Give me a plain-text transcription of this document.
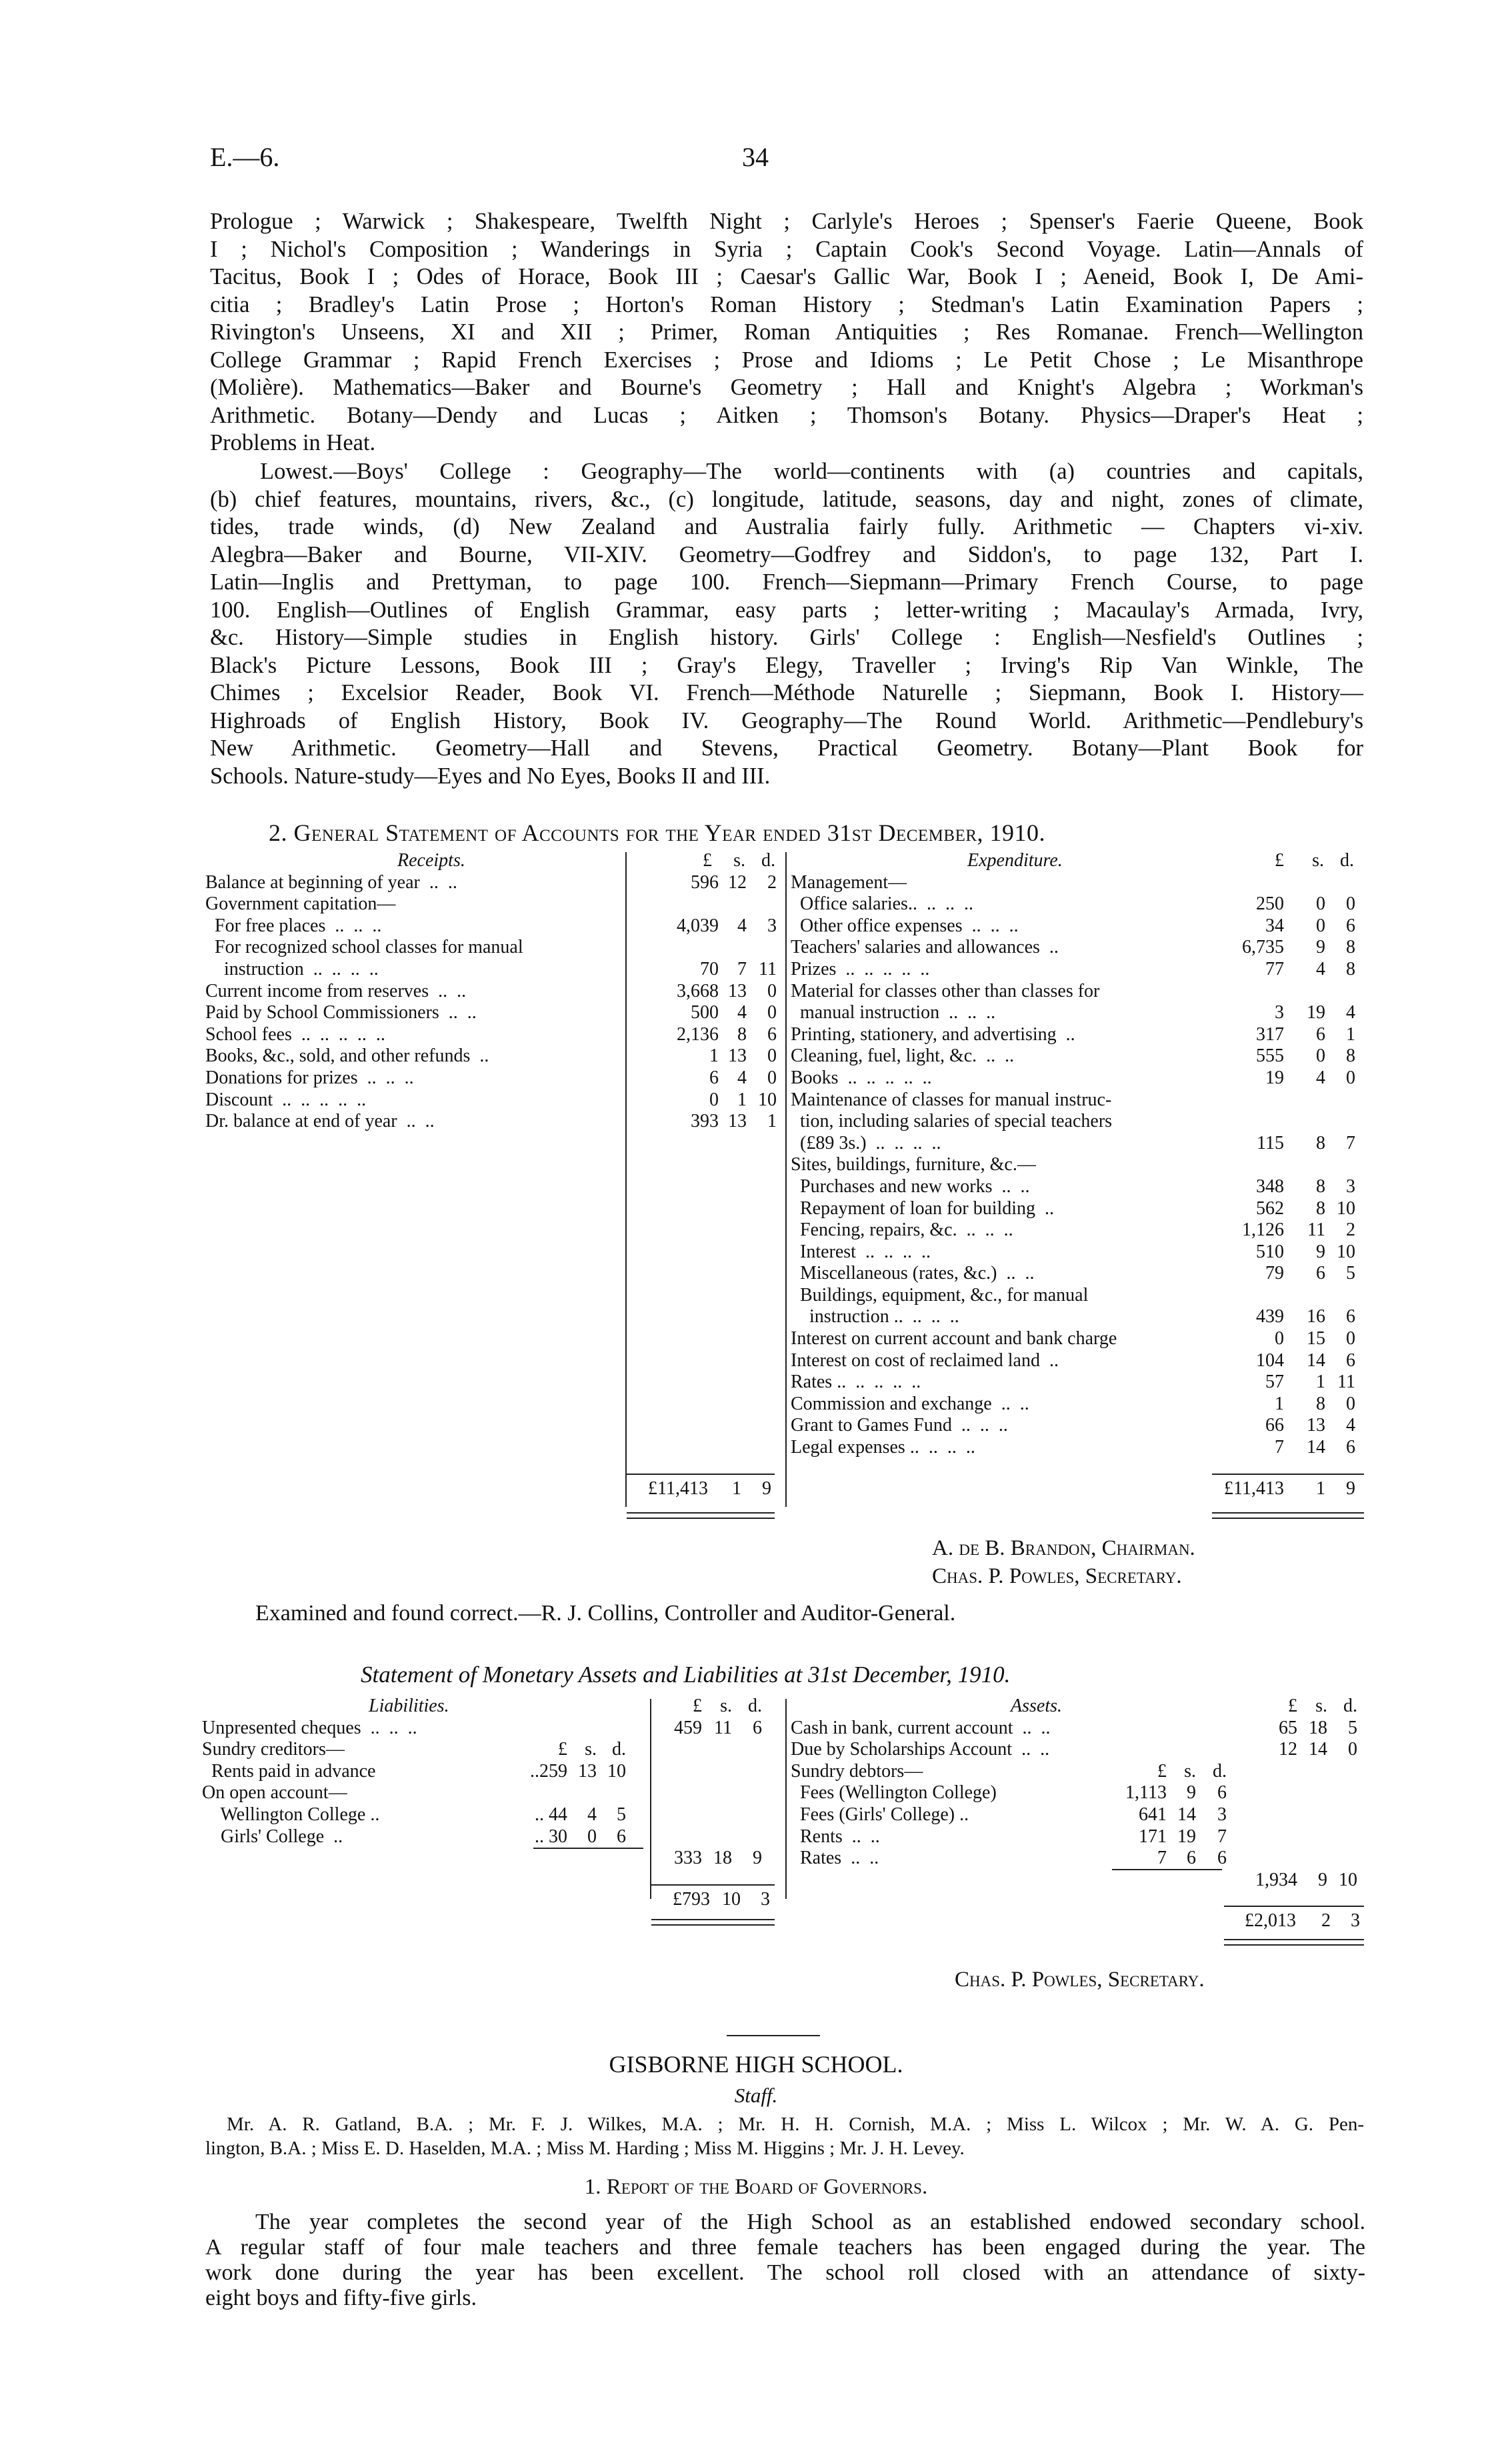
E.—6.	34
Prologue ; Warwick ; Shakespeare, Twelfth Night ; Carlyle's Heroes ; Spenser's Faerie Queene, Book
I ; Nichol's Composition ; Wanderings in Syria ; Captain Cook's Second Voyage. Latin—Annals of
Tacitus, Book I ; Odes of Horace, Book III ; Caesar's Gallic War, Book I ; Aeneid, Book I, De Ami-
citia ; Bradley's Latin Prose ; Horton's Roman History ; Stedman's Latin Examination Papers ;
Rivington's Unseens, XI and XII ; Primer, Roman Antiquities ; Res Romanae. French—Wellington
College Grammar ; Rapid French Exercises ; Prose and Idioms ; Le Petit Chose ; Le Misanthrope
(Molière). Mathematics—Baker and Bourne's Geometry ; Hall and Knight's Algebra ; Workman's
Arithmetic. Botany—Dendy and Lucas ; Aitken ; Thomson's Botany. Physics—Draper's Heat ;
Problems in Heat.
Lowest.—Boys' College : Geography—The world—continents with (a) countries and capitals,
(b) chief features, mountains, rivers, &c., (c) longitude, latitude, seasons, day and night, zones of climate,
tides, trade winds, (d) New Zealand and Australia fairly fully. Arithmetic — Chapters vi-xiv.
Alegbra—Baker and Bourne, VII-XIV. Geometry—Godfrey and Siddon's, to page 132, Part I.
Latin—Inglis and Prettyman, to page 100. French—Siepmann—Primary French Course, to page
100. English—Outlines of English Grammar, easy parts ; letter-writing ; Macaulay's Armada, Ivry,
&c. History—Simple studies in English history. Girls' College : English—Nesfield's Outlines ;
Black's Picture Lessons, Book III ; Gray's Elegy, Traveller ; Irving's Rip Van Winkle, The
Chimes ; Excelsior Reader, Book VI. French—Méthode Naturelle ; Siepmann, Book I. History—
Highroads of English History, Book IV. Geography—The Round World. Arithmetic—Pendlebury's
New Arithmetic. Geometry—Hall and Stevens, Practical Geometry. Botany—Plant Book for
Schools. Nature-study—Eyes and No Eyes, Books II and III.
2. General Statement of Accounts for the Year ended 31st December, 1910.
Receipts.	£	s. d.
Balance at beginning of year  ..  ..	596 12	2
Government capitation—
For free places  ..  ..  ..	4,039	4	3
For recognized school classes for manual
instruction  ..  ..  ..  ..	70	7 11
Current income from reserves  ..  ..	3,668 13	0
Paid by School Commissioners  ..  ..	500	4	0
School fees  ..  ..  ..  ..  ..	2,136	8	6
Books, &c., sold, and other refunds  ..	1 13	0
Donations for prizes  ..  ..  ..	6	4	0
Discount  ..  ..  ..  ..  ..	0	1 10
Dr. balance at end of year  ..  ..	393 13	1
Expenditure.	£	s. d.
Management—
Office salaries..  ..  ..  ..	250	0	0
Other office expenses  ..  ..  ..	34	0	6
Teachers' salaries and allowances  ..	6,735	9	8
Prizes  ..  ..  ..  ..  ..	77	4	8
Material for classes other than classes for
manual instruction  ..  ..  ..	3	19	4
Printing, stationery, and advertising  ..	317	6	1
Cleaning, fuel, light, &c.  ..  ..	555	0	8
Books  ..  ..  ..  ..  ..	19	4	0
Maintenance of classes for manual instruc-
tion, including salaries of special teachers
(£89 3s.)  ..  ..  ..  ..	115	8	7
Sites, buildings, furniture, &c.—
Purchases and new works  ..  ..	348	8	3
Repayment of loan for building  ..	562	8 10
Fencing, repairs, &c.  ..  ..  ..	1,126	11	2
Interest  ..  ..  ..  ..	510	9 10
Miscellaneous (rates, &c.)  ..  ..	79	6	5
Buildings, equipment, &c., for manual
instruction ..  ..  ..  ..	439	16	6
Interest on current account and bank charge	0	15	0
Interest on cost of reclaimed land  ..	104	14	6
Rates ..  ..  ..  ..  ..	57	1 11
Commission and exchange  ..  ..	1	8	0
Grant to Games Fund  ..  ..  ..	66	13	4
Legal expenses ..  ..  ..  ..	7	14	6
£11,413	1	9	£11,413	1	9
A. de B. Brandon, Chairman.
Chas. P. Powles, Secretary.
Examined and found correct.—R. J. Collins, Controller and Auditor-General.
Statement of Monetary Assets and Liabilities at 31st December, 1910.
Liabilities.	£ s. d.
Unpresented cheques  ..  ..  ..	459 11	6
Sundry creditors—	£ s. d.
Rents paid in advance	..259 13 10
On open account—
Wellington College ..	.. 44	4	5
Girls' College  ..	.. 30	0	6
333 18	9
Assets.	£ s. d.
Cash in bank, current account  ..  ..	65 18	5
Due by Scholarships Account  ..  ..	12 14	0
Sundry debtors—	£ s. d.
Fees (Wellington College)	1,113	9	6
Fees (Girls' College) ..	641 14	3
Rents  ..  ..	171 19	7
Rates  ..  ..	7	6	6
1,934	9 10
£793 10	3
£2,013	2	3
Chas. P. Powles, Secretary.
GISBORNE HIGH SCHOOL.
Staff.
Mr. A. R. Gatland, B.A. ; Mr. F. J. Wilkes, M.A. ; Mr. H. H. Cornish, M.A. ; Miss L. Wilcox ; Mr. W. A. G. Pen-
lington, B.A. ; Miss E. D. Haselden, M.A. ; Miss M. Harding ; Miss M. Higgins ; Mr. J. H. Levey.
1. Report of the Board of Governors.
The year completes the second year of the High School as an established endowed secondary school.
A regular staff of four male teachers and three female teachers has been engaged during the year. The
work done during the year has been excellent. The school roll closed with an attendance of sixty-
eight boys and fifty-five girls.
